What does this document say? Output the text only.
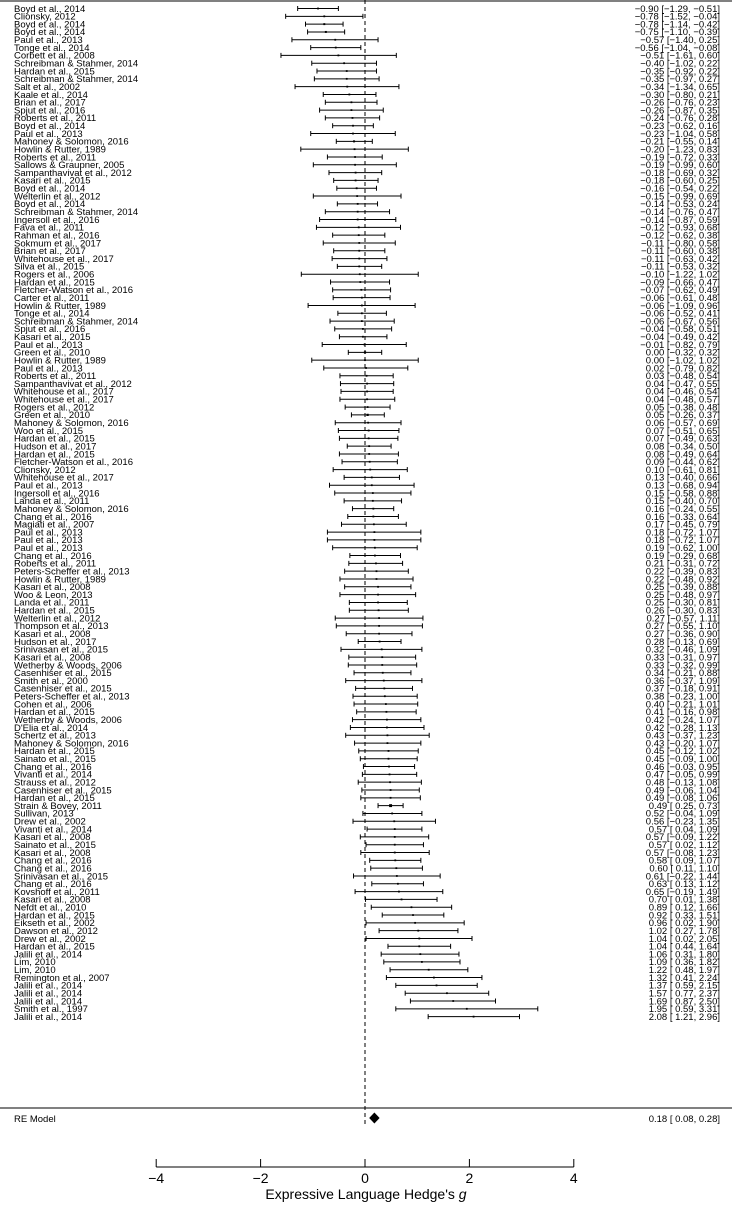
Boyd et al., 2014	−0.90 [−1.29, −0.51]
Clionsky, 2012	−0.78 [−1.52, −0.04]
Boyd et al., 2014	−0.78 [−1.14, −0.42]
Boyd et al., 2014	−0.75 [−1.10, −0.39]
Paul et al., 2013	−0.57 [−1.40, 0.25]
Tonge et al., 2014	−0.56 [−1.04, −0.08]
Corbett et al., 2008	−0.51 [−1.61, 0.60]
Schreibman & Stahmer, 2014	−0.40 [−1.02, 0.22]
Hardan et al., 2015	−0.35 [−0.92, 0.22]
Schreibman & Stahmer, 2014	−0.35 [−0.97, 0.27]
Salt et al., 2002	−0.34 [−1.34, 0.65]
Kaale et al., 2014	−0.30 [−0.80, 0.21]
Brian et al., 2017	−0.26 [−0.76, 0.23]
Spjut et al., 2016	−0.26 [−0.87, 0.35]
Roberts et al., 2011	−0.24 [−0.76, 0.28]
Boyd et al., 2014	−0.23 [−0.62, 0.16]
Paul et al., 2013	−0.23 [−1.04, 0.58]
Mahoney & Solomon, 2016	−0.21 [−0.55, 0.14]
Howlin & Rutter, 1989	−0.20 [−1.23, 0.83]
Roberts et al., 2011	−0.19 [−0.72, 0.33]
Sallows & Graupner, 2005	−0.19 [−0.99, 0.60]
Sampanthavivat et al., 2012	−0.18 [−0.69, 0.32]
Kasari et al., 2015	−0.18 [−0.60, 0.25]
Boyd et al., 2014	−0.16 [−0.54, 0.22]
Welterlin et al., 2012	−0.15 [−0.99, 0.69]
Boyd et al., 2014	−0.14 [−0.53, 0.24]
Schreibman & Stahmer, 2014	−0.14 [−0.76, 0.47]
Ingersoll et al., 2016	−0.14 [−0.87, 0.59]
Fava et al., 2011	−0.12 [−0.93, 0.68]
Rahman et al., 2016	−0.12 [−0.62, 0.38]
Sokmum et al., 2017	−0.11 [−0.80, 0.58]
Brian et al., 2017	−0.11 [−0.60, 0.38]
Whitehouse et al., 2017	−0.11 [−0.63, 0.42]
Silva et al., 2015	−0.11 [−0.53, 0.32]
Rogers et al., 2006	−0.10 [−1.22, 1.02]
Hardan et al., 2015	−0.09 [−0.66, 0.47]
Fletcher-Watson et al., 2016	−0.07 [−0.62, 0.49]
Carter et al., 2011	−0.06 [−0.61, 0.48]
Howlin & Rutter, 1989	−0.06 [−1.09, 0.96]
Tonge et al., 2014	−0.06 [−0.52, 0.41]
Schreibman & Stahmer, 2014	−0.06 [−0.67, 0.56]
Spjut et al., 2016	−0.04 [−0.58, 0.51]
Kasari et al., 2015	−0.04 [−0.49, 0.42]
Paul et al., 2013	−0.01 [−0.82, 0.79]
Green et al., 2010	0.00 [−0.32, 0.32]
Howlin & Rutter, 1989	0.00 [−1.02, 1.02]
Paul et al., 2013	0.02 [−0.79, 0.82]
Roberts et al., 2011	0.03 [−0.48, 0.54]
Sampanthavivat et al., 2012	0.04 [−0.47, 0.55]
Whitehouse et al., 2017	0.04 [−0.46, 0.54]
Whitehouse et al., 2017	0.04 [−0.48, 0.57]
Rogers et al., 2012	0.05 [−0.38, 0.48]
Green et al., 2010	0.05 [−0.26, 0.37]
Mahoney & Solomon, 2016	0.06 [−0.57, 0.69]
Woo et al., 2015	0.07 [−0.51, 0.65]
Hardan et al., 2015	0.07 [−0.49, 0.63]
Hudson et al., 2017	0.08 [−0.34, 0.50]
Hardan et al., 2015	0.08 [−0.49, 0.64]
Fletcher-Watson et al., 2016	0.09 [−0.44, 0.62]
Clionsky, 2012	0.10 [−0.61, 0.81]
Whitehouse et al., 2017	0.13 [−0.40, 0.66]
Paul et al., 2013	0.13 [−0.68, 0.94]
Ingersoll et al., 2016	0.15 [−0.58, 0.88]
Landa et al., 2011	0.15 [−0.40, 0.70]
Mahoney & Solomon, 2016	0.16 [−0.24, 0.55]
Chang et al., 2016	0.16 [−0.33, 0.64]
Magiati et al., 2007	0.17 [−0.45, 0.79]
Paul et al., 2013	0.18 [−0.72, 1.07]
Paul et al., 2013	0.18 [−0.72, 1.07]
Paul et al., 2013	0.19 [−0.62, 1.00]
Chang et al., 2016	0.19 [−0.29, 0.68]
Roberts et al., 2011	0.21 [−0.31, 0.72]
Peters-Scheffer et al., 2013	0.22 [−0.39, 0.83]
Howlin & Rutter, 1989	0.22 [−0.48, 0.92]
Kasari et al., 2008	0.25 [−0.39, 0.88]
Woo & Leon, 2013	0.25 [−0.48, 0.97]
Landa et al., 2011	0.25 [−0.30, 0.81]
Hardan et al., 2015	0.26 [−0.30, 0.83]
Welterlin et al., 2012	0.27 [−0.57, 1.11]
Thompson et al., 2013	0.27 [−0.55, 1.10]
Kasari et al., 2008	0.27 [−0.36, 0.90]
Hudson et al., 2017	0.28 [−0.13, 0.69]
Srinivasan et al., 2015	0.32 [−0.46, 1.09]
Kasari et al., 2008	0.33 [−0.31, 0.97]
Wetherby & Woods, 2006	0.33 [−0.32, 0.99]
Casenhiser et al., 2015	0.34 [−0.21, 0.88]
Smith et al., 2000	0.36 [−0.37, 1.09]
Casenhiser et al., 2015	0.37 [−0.18, 0.91]
Peters-Scheffer et al., 2013	0.38 [−0.23, 1.00]
Cohen et al., 2006	0.40 [−0.21, 1.01]
Hardan et al., 2015	0.41 [−0.16, 0.98]
Wetherby & Woods, 2006	0.42 [−0.24, 1.07]
D'Elia et al., 2014	0.42 [−0.28, 1.13]
Schertz et al., 2013	0.43 [−0.37, 1.23]
Mahoney & Solomon, 2016	0.43 [−0.20, 1.07]
Hardan et al., 2015	0.45 [−0.12, 1.02]
Sainato et al., 2015	0.45 [−0.09, 1.00]
Chang et al., 2016	0.46 [−0.03, 0.95]
Vivanti et al., 2014	0.47 [−0.05, 0.99]
Strauss et al., 2012	0.48 [−0.13, 1.08]
Casenhiser et al., 2015	0.49 [−0.06, 1.04]
Hardan et al., 2015	0.49 [−0.08, 1.06]
Strain & Bovey, 2011	0.49 [ 0.25, 0.73]
Sullivan, 2013	0.52 [−0.04, 1.09]
Drew et al., 2002	0.56 [−0.23, 1.35]
Vivanti et al., 2014	0.57 [ 0.04, 1.09]
Kasari et al., 2008	0.57 [−0.09, 1.22]
Sainato et al., 2015	0.57 [ 0.02, 1.12]
Kasari et al., 2008	0.57 [−0.08, 1.23]
Chang et al., 2016	0.58 [ 0.09, 1.07]
Chang et al., 2016	0.60 [ 0.11, 1.10]
Srinivasan et al., 2015	0.61 [−0.22, 1.44]
Chang et al., 2016	0.63 [ 0.13, 1.12]
Kovshoff et al., 2011	0.65 [−0.19, 1.49]
Kasari et al., 2008	0.70 [ 0.01, 1.38]
Nefdt et al., 2010	0.89 [ 0.12, 1.66]
Hardan et al., 2015	0.92 [ 0.33, 1.51]
Eikseth et al., 2002	0.96 [ 0.02, 1.90]
Dawson et al., 2012	1.02 [ 0.27, 1.78]
Drew et al., 2002	1.04 [ 0.02, 2.05]
Hardan et al., 2015	1.04 [ 0.44, 1.64]
Jalili et al., 2014	1.06 [ 0.31, 1.80]
Lim, 2010	1.09 [ 0.36, 1.82]
Lim, 2010	1.22 [ 0.48, 1.97]
Remington et al., 2007	1.32 [ 0.41, 2.24]
Jalili et al., 2014	1.37 [ 0.59, 2.15]
Jalili et al., 2014	1.57 [ 0.77, 2.37]
Jalili et al., 2014	1.69 [ 0.87, 2.50]
Smith et al., 1997	1.95 [ 0.59, 3.31]
Jalili et al., 2014	2.08 [ 1.21, 2.96]
RE Model	0.18 [ 0.08, 0.28]
−4	−2	0	2	4
Expressive Language Hedge's g
